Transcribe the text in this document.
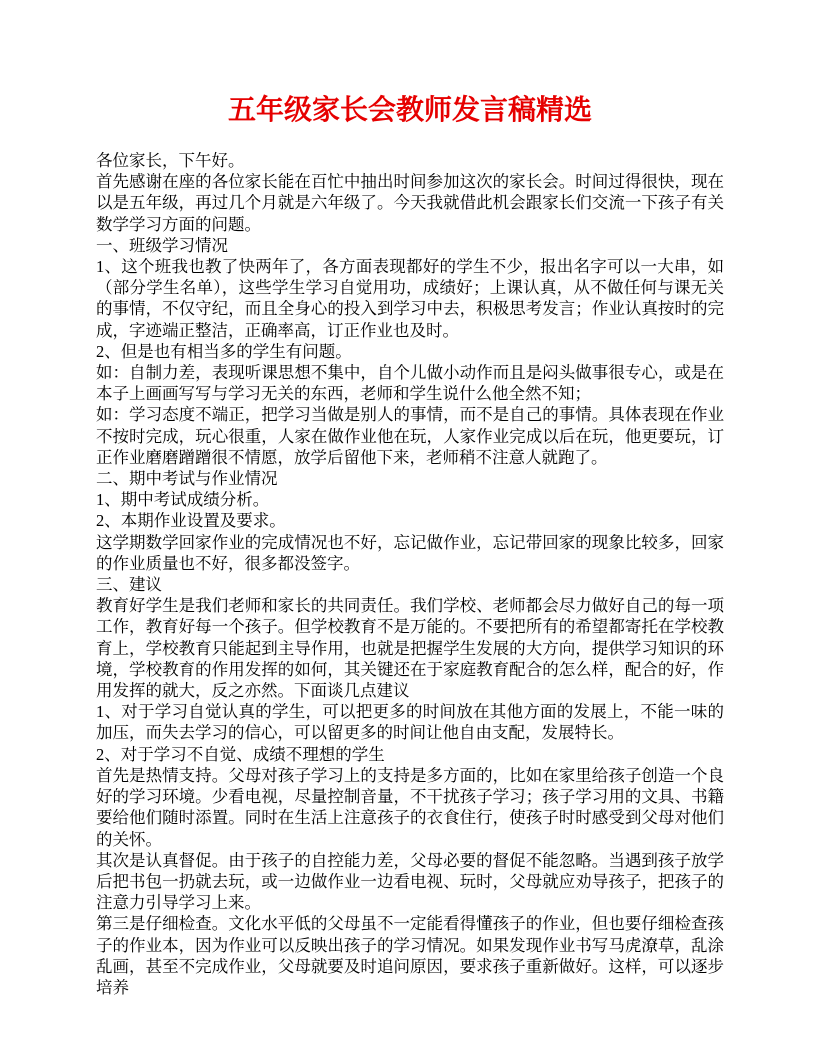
五年级家长会教师发言稿精选

各位家长，下午好。

首先感谢在座的各位家长能在百忙中抽出时间参加这次的家长会。时间过得很快，现在以是五年级，再过几个月就是六年级了。今天我就借此机会跟家长们交流一下孩子有关数学学习方面的问题。

一、班级学习情况

1、这个班我也教了快两年了，各方面表现都好的学生不少，报出名字可以一大串，如（部分学生名单），这些学生学习自觉用功，成绩好；上课认真，从不做任何与课无关的事情，不仅守纪，而且全身心的投入到学习中去，积极思考发言；作业认真按时的完成，字迹端正整洁，正确率高，订正作业也及时。

2、但是也有相当多的学生有问题。

如：自制力差，表现听课思想不集中，自个儿做小动作而且是闷头做事很专心，或是在本子上画画写写与学习无关的东西，老师和学生说什么他全然不知；

如：学习态度不端正，把学习当做是别人的事情，而不是自己的事情。具体表现在作业不按时完成，玩心很重，人家在做作业他在玩，人家作业完成以后在玩，他更要玩，订正作业磨磨蹭蹭很不情愿，放学后留他下来，老师稍不注意人就跑了。

二、期中考试与作业情况

1、期中考试成绩分析。

2、本期作业设置及要求。

这学期数学回家作业的完成情况也不好，忘记做作业，忘记带回家的现象比较多，回家的作业质量也不好，很多都没签字。

三、建议

教育好学生是我们老师和家长的共同责任。我们学校、老师都会尽力做好自己的每一项工作，教育好每一个孩子。但学校教育不是万能的。不要把所有的希望都寄托在学校教育上，学校教育只能起到主导作用，也就是把握学生发展的大方向，提供学习知识的环境，学校教育的作用发挥的如何，其关键还在于家庭教育配合的怎么样，配合的好，作用发挥的就大，反之亦然。下面谈几点建议

1、对于学习自觉认真的学生，可以把更多的时间放在其他方面的发展上，不能一味的加压，而失去学习的信心，可以留更多的时间让他自由支配，发展特长。

2、对于学习不自觉、成绩不理想的学生

首先是热情支持。父母对孩子学习上的支持是多方面的，比如在家里给孩子创造一个良好的学习环境。少看电视，尽量控制音量，不干扰孩子学习；孩子学习用的文具、书籍要给他们随时添置。同时在生活上注意孩子的衣食住行，使孩子时时感受到父母对他们的关怀。

其次是认真督促。由于孩子的自控能力差，父母必要的督促不能忽略。当遇到孩子放学后把书包一扔就去玩，或一边做作业一边看电视、玩时，父母就应劝导孩子，把孩子的注意力引导学习上来。

第三是仔细检查。文化水平低的父母虽不一定能看得懂孩子的作业，但也要仔细检查孩子的作业本，因为作业可以反映出孩子的学习情况。如果发现作业书写马虎潦草，乱涂乱画，甚至不完成作业，父母就要及时追问原因，要求孩子重新做好。这样，可以逐步培养
